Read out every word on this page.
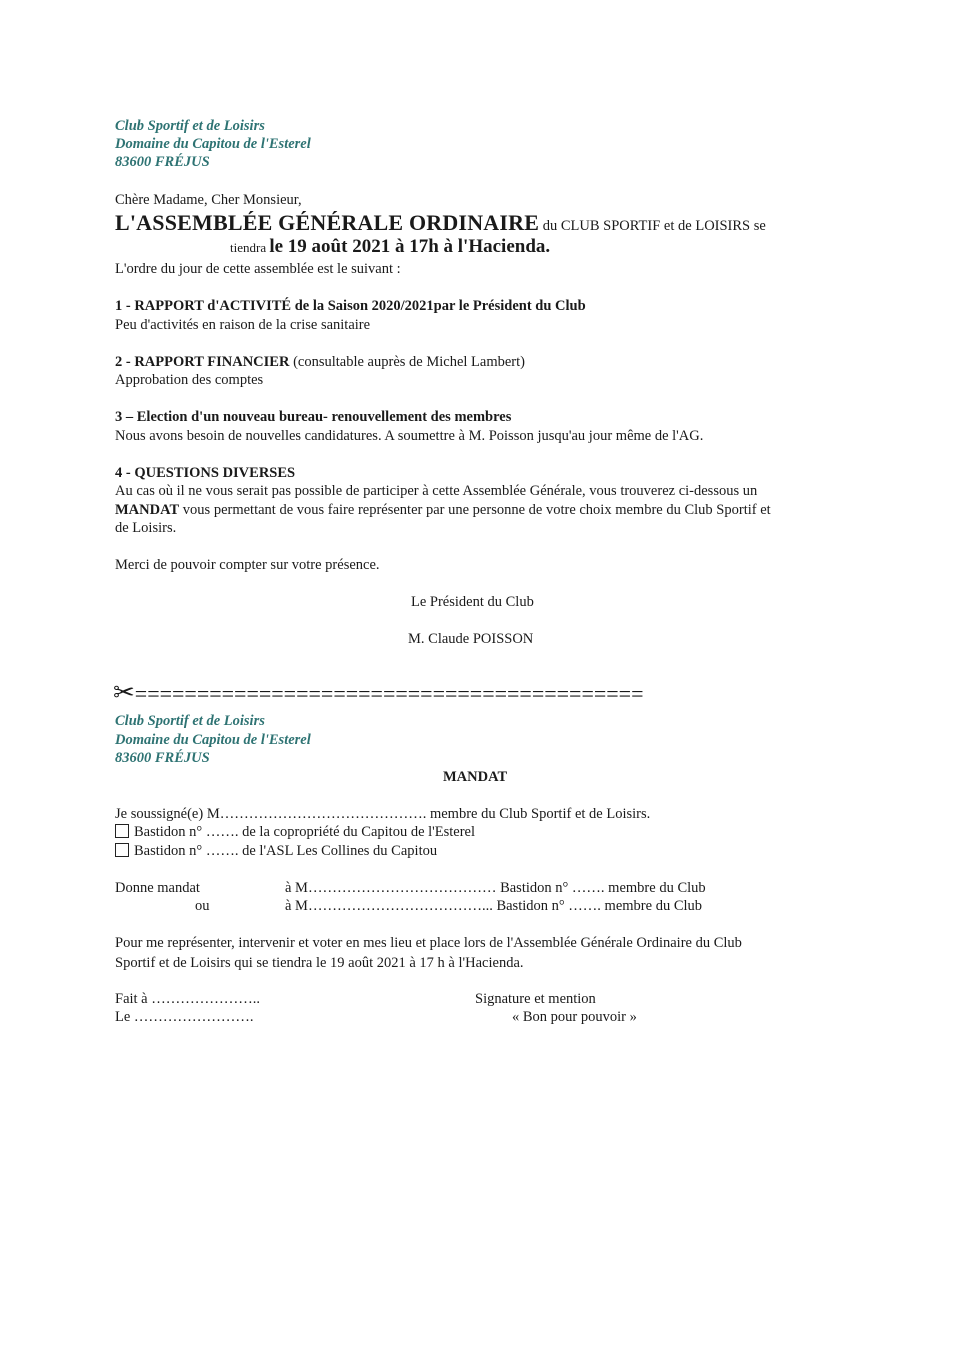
Club Sportif et de Loisirs
Domaine du Capitou de l'Esterel
83600 FRÉJUS
Chère Madame, Cher Monsieur,
L'ASSEMBLÉE GÉNÉRALE ORDINAIRE du CLUB SPORTIF et de LOISIRS se
tiendra le 19 août 2021 à 17h à l'Hacienda.
L'ordre du jour de cette assemblée est le suivant :
1 - RAPPORT d'ACTIVITÉ de la Saison 2020/2021par le Président du Club
Peu d'activités en raison de la crise sanitaire
2 - RAPPORT FINANCIER (consultable auprès de Michel Lambert)
Approbation des comptes
3 – Election d'un nouveau bureau- renouvellement des membres
Nous avons besoin de nouvelles candidatures. A soumettre à M. Poisson jusqu'au jour même de l'AG.
4 - QUESTIONS DIVERSES
Au cas où il ne vous serait pas possible de participer à cette Assemblée Générale, vous trouverez ci-dessous un
MANDAT vous permettant de vous faire représenter par une personne de votre choix membre du Club Sportif et
de Loisirs.
Merci de pouvoir compter sur votre présence.
Le Président du Club
M. Claude POISSON
✂=========================================
Club Sportif et de Loisirs
Domaine du Capitou de l'Esterel
83600 FRÉJUS
MANDAT
Je soussigné(e) M……………………………………. membre du Club Sportif et de Loisirs.
Bastidon n° ……. de la copropriété du Capitou de l'Esterel
Bastidon n° ……. de l'ASL Les Collines du Capitou
Donne mandat	à M………………………………… Bastidon n° ……. membre du Club
ou	à M………………………………... Bastidon n° ……. membre du Club
Pour me représenter, intervenir et voter en mes lieu et place lors de l'Assemblée Générale Ordinaire du Club
Sportif et de Loisirs qui se tiendra le 19 août 2021 à 17 h à l'Hacienda.
Fait à …………………..
Le …………………….
Signature et mention
« Bon pour pouvoir »
